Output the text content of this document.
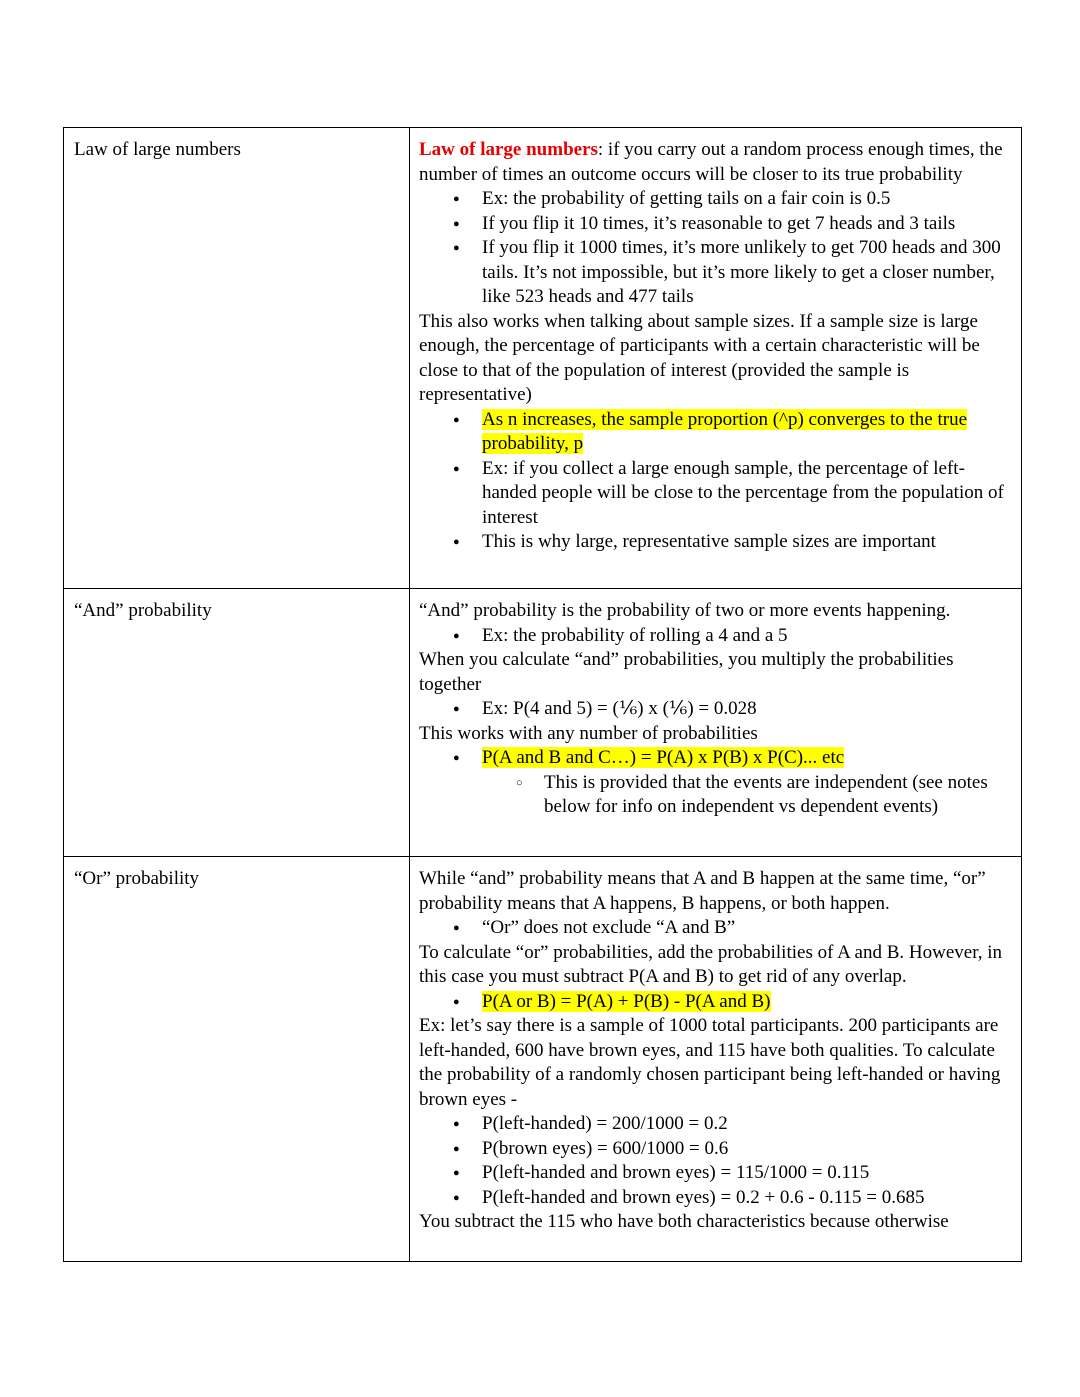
Law of large numbers	Law of large numbers: if you carry out a random process enough times, the number of times an outcome occurs will be closer to its true probability
●	Ex: the probability of getting tails on a fair coin is 0.5
●	If you flip it 10 times, it’s reasonable to get 7 heads and 3 tails
●	If you flip it 1000 times, it’s more unlikely to get 700 heads and 300 tails. It’s not impossible, but it’s more likely to get a closer number, like 523 heads and 477 tails
This also works when talking about sample sizes. If a sample size is large enough, the percentage of participants with a certain characteristic will be close to that of the population of interest (provided the sample is representative)
●	As n increases, the sample proportion (^p) converges to the true probability, p
●	Ex: if you collect a large enough sample, the percentage of left-handed people will be close to the percentage from the population of interest
●	This is why large, representative sample sizes are important
“And” probability	“And” probability is the probability of two or more events happening.
●	Ex: the probability of rolling a 4 and a 5
When you calculate “and” probabilities, you multiply the probabilities together
●	Ex: P(4 and 5) = (⅙) x (⅙) = 0.028
This works with any number of probabilities
●	P(A and B and C…) = P(A) x P(B) x P(C)... etc
○	This is provided that the events are independent (see notes below for info on independent vs dependent events)
“Or” probability	While “and” probability means that A and B happen at the same time, “or” probability means that A happens, B happens, or both happen.
●	“Or” does not exclude “A and B”
To calculate “or” probabilities, add the probabilities of A and B. However, in this case you must subtract P(A and B) to get rid of any overlap.
●	P(A or B) = P(A) + P(B) - P(A and B)
Ex: let’s say there is a sample of 1000 total participants. 200 participants are left-handed, 600 have brown eyes, and 115 have both qualities. To calculate the probability of a randomly chosen participant being left-handed or having brown eyes -
●	P(left-handed) = 200/1000 = 0.2
●	P(brown eyes) = 600/1000 = 0.6
●	P(left-handed and brown eyes) = 115/1000 = 0.115
●	P(left-handed and brown eyes) = 0.2 + 0.6 - 0.115 = 0.685
You subtract the 115 who have both characteristics because otherwise
